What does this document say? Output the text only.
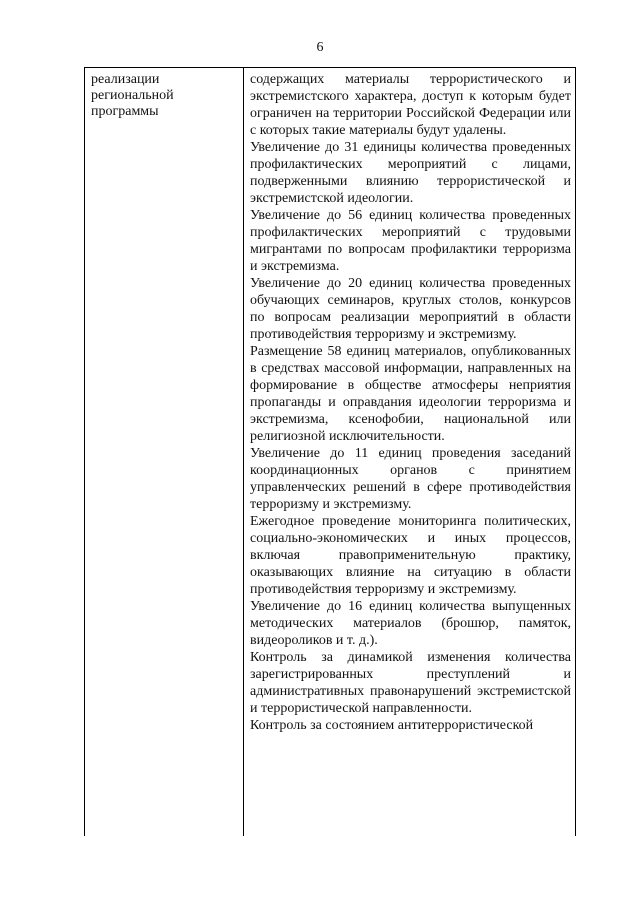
6
реализации
региональной
программы

содержащих материалы террористического и экстремистского характера, доступ к которым будет ограничен на территории Российской Федерации или с которых такие материалы будут удалены.

Увеличение до 31 единицы количества проведенных профилактических мероприятий с лицами, подверженными влиянию террористической и экстремистской идеологии.

Увеличение до 56 единиц количества проведенных профилактических мероприятий с трудовыми мигрантами по вопросам профилактики терроризма и экстремизма.

Увеличение до 20 единиц количества проведенных обучающих семинаров, круглых столов, конкурсов по вопросам реализации мероприятий в области противодействия терроризму и экстремизму.

Размещение 58 единиц материалов, опубликованных в средствах массовой информации, направленных на формирование в обществе атмосферы неприятия пропаганды и оправдания идеологии терроризма и экстремизма, ксенофобии, национальной или религиозной исключительности.

Увеличение до 11 единиц проведения заседаний координационных органов с принятием управленческих решений в сфере противодействия терроризму и экстремизму.

Ежегодное проведение мониторинга политических, социально-экономических и иных процессов, включая правоприменительную практику, оказывающих влияние на ситуацию в области противодействия терроризму и экстремизму.

Увеличение до 16 единиц количества выпущенных методических материалов (брошюр, памяток, видеороликов и т. д.).

Контроль за динамикой изменения количества зарегистрированных преступлений и административных правонарушений экстремистской и террористической направленности.

Контроль за состоянием антитеррористической
